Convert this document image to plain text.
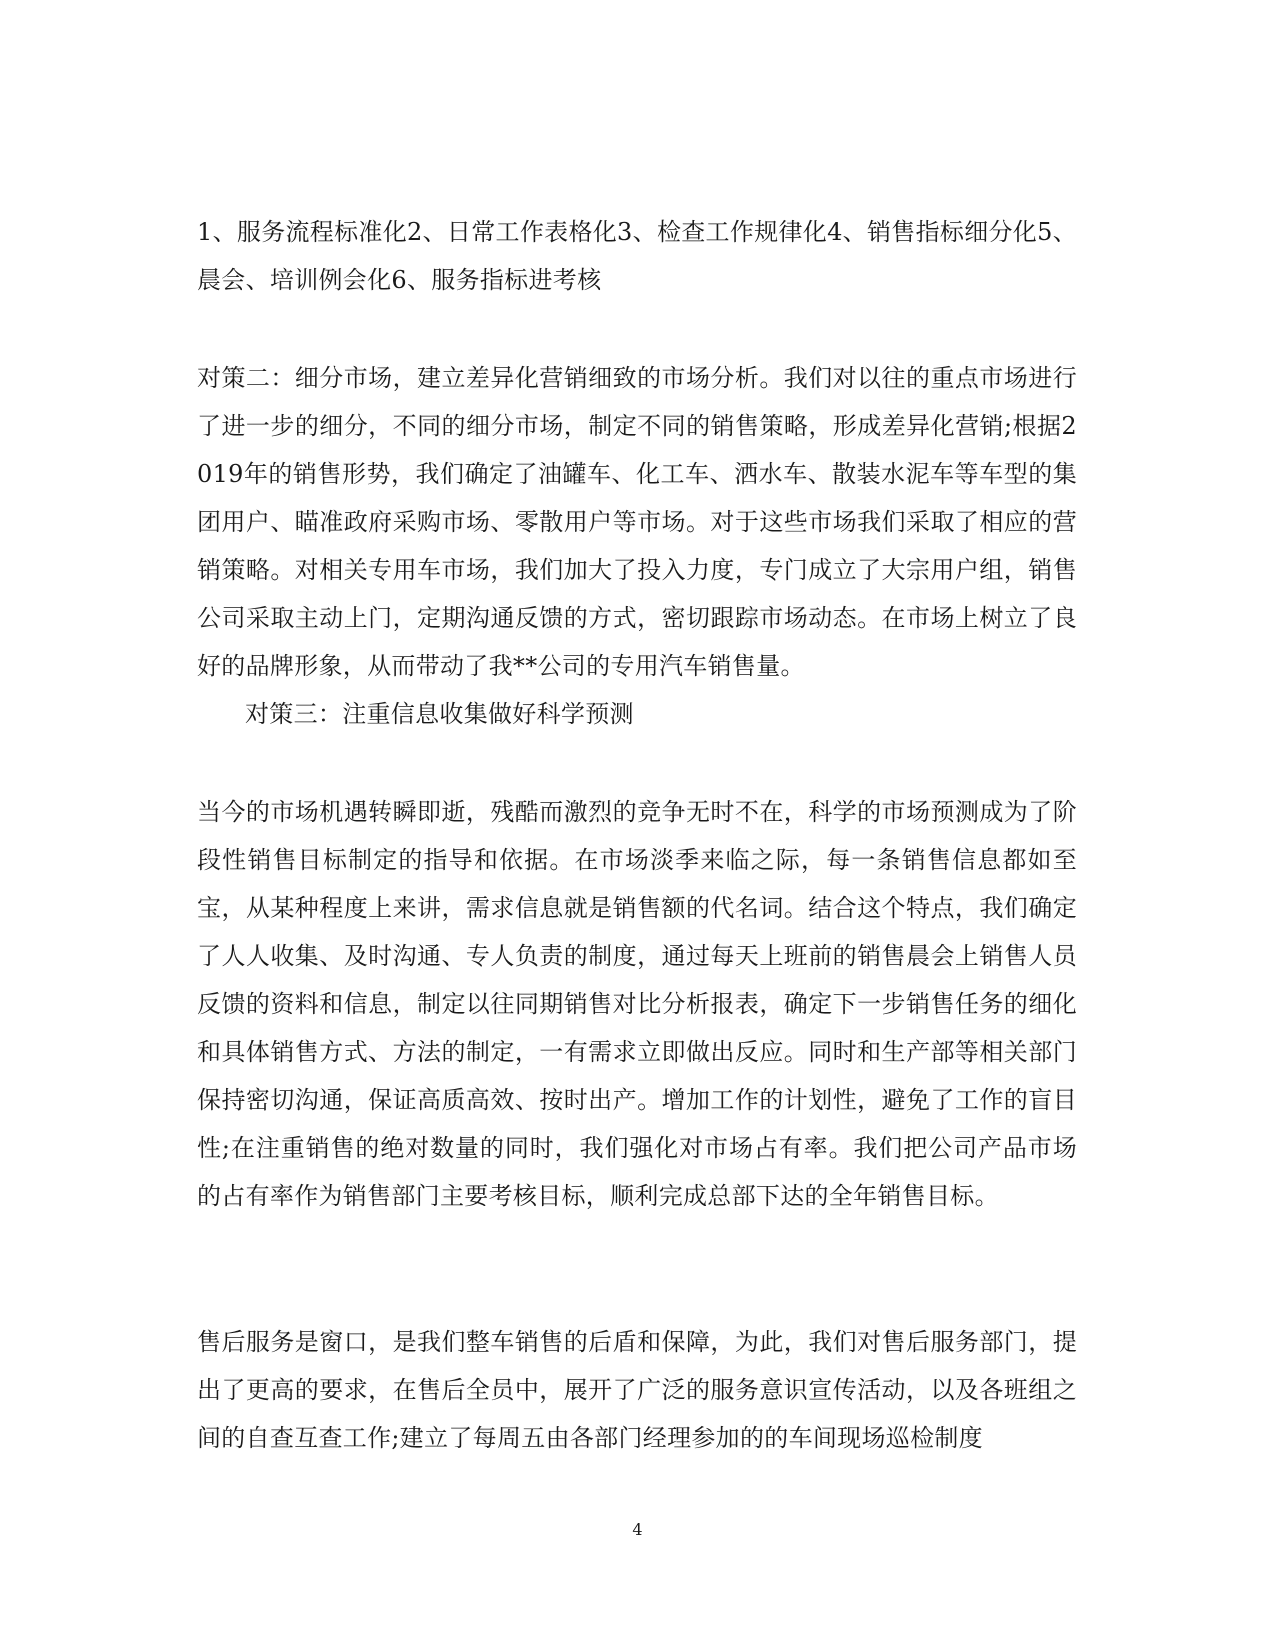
1、服务流程标准化2、日常工作表格化3、检查工作规律化4、销售指标细分化5、晨会、培训例会化6、服务指标进考核

对策二：细分市场，建立差异化营销细致的市场分析。我们对以往的重点市场进行了进一步的细分，不同的细分市场，制定不同的销售策略，形成差异化营销;根据2019年的销售形势，我们确定了油罐车、化工车、洒水车、散装水泥车等车型的集团用户、瞄准政府采购市场、零散用户等市场。对于这些市场我们采取了相应的营销策略。对相关专用车市场，我们加大了投入力度，专门成立了大宗用户组，销售公司采取主动上门，定期沟通反馈的方式，密切跟踪市场动态。在市场上树立了良好的品牌形象，从而带动了我**公司的专用汽车销售量。

对策三：注重信息收集做好科学预测

当今的市场机遇转瞬即逝，残酷而激烈的竞争无时不在，科学的市场预测成为了阶段性销售目标制定的指导和依据。在市场淡季来临之际，每一条销售信息都如至宝，从某种程度上来讲，需求信息就是销售额的代名词。结合这个特点，我们确定了人人收集、及时沟通、专人负责的制度，通过每天上班前的销售晨会上销售人员反馈的资料和信息，制定以往同期销售对比分析报表，确定下一步销售任务的细化和具体销售方式、方法的制定，一有需求立即做出反应。同时和生产部等相关部门保持密切沟通，保证高质高效、按时出产。增加工作的计划性，避免了工作的盲目性;在注重销售的绝对数量的同时，我们强化对市场占有率。我们把公司产品市场的占有率作为销售部门主要考核目标，顺利完成总部下达的全年销售目标。

售后服务是窗口，是我们整车销售的后盾和保障，为此，我们对售后服务部门，提出了更高的要求，在售后全员中，展开了广泛的服务意识宣传活动，以及各班组之间的自查互查工作;建立了每周五由各部门经理参加的的车间现场巡检制度

4
